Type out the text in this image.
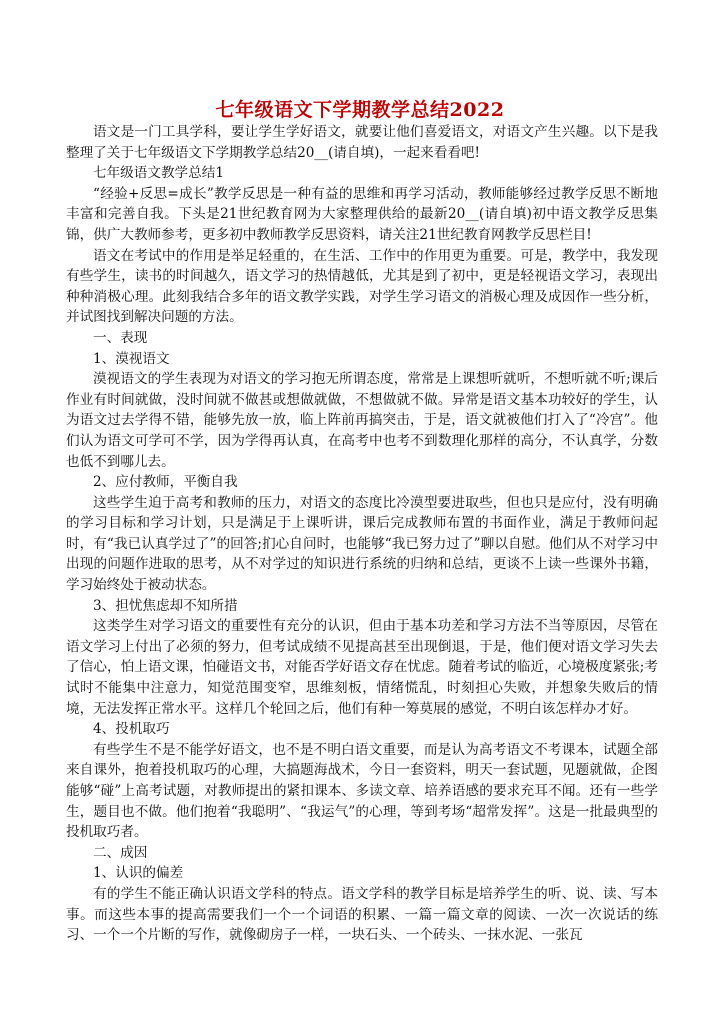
七年级语文下学期教学总结2022

语文是一门工具学科，要让学生学好语文，就要让他们喜爱语文，对语文产生兴趣。以下是我整理了关于七年级语文下学期教学总结20__(请自填)，一起来看看吧!

七年级语文教学总结1

“经验+反思=成长”教学反思是一种有益的思维和再学习活动，教师能够经过教学反思不断地丰富和完善自我。下头是21世纪教育网为大家整理供给的最新20__(请自填)初中语文教学反思集锦，供广大教师参考，更多初中教师教学反思资料，请关注21世纪教育网教学反思栏目!

语文在考试中的作用是举足轻重的，在生活、工作中的作用更为重要。可是，教学中，我发现有些学生，读书的时间越久，语文学习的热情越低，尤其是到了初中，更是轻视语文学习，表现出种种消极心理。此刻我结合多年的语文教学实践，对学生学习语文的消极心理及成因作一些分析，并试图找到解决问题的方法。

一、表现

1、漠视语文

漠视语文的学生表现为对语文的学习抱无所谓态度，常常是上课想听就听，不想听就不听;课后作业有时间就做，没时间就不做甚或想做就做，不想做就不做。异常是语文基本功较好的学生，认为语文过去学得不错，能够先放一放，临上阵前再搞突击，于是，语文就被他们打入了“冷宫”。他们认为语文可学可不学，因为学得再认真，在高考中也考不到数理化那样的高分，不认真学，分数也低不到哪儿去。

2、应付教师，平衡自我

这些学生迫于高考和教师的压力，对语文的态度比冷漠型要进取些，但也只是应付，没有明确的学习目标和学习计划，只是满足于上课听讲，课后完成教师布置的书面作业，满足于教师问起时，有“我已认真学过了”的回答;扪心自问时，也能够“我已努力过了”聊以自慰。他们从不对学习中出现的问题作进取的思考，从不对学过的知识进行系统的归纳和总结，更谈不上读一些课外书籍，学习始终处于被动状态。

3、担忧焦虑却不知所措

这类学生对学习语文的重要性有充分的认识，但由于基本功差和学习方法不当等原因，尽管在语文学习上付出了必须的努力，但考试成绩不见提高甚至出现倒退，于是，他们便对语文学习失去了信心，怕上语文课，怕碰语文书，对能否学好语文存在忧虑。随着考试的临近，心境极度紧张;考试时不能集中注意力，知觉范围变窄，思维刻板，情绪慌乱，时刻担心失败，并想象失败后的情境，无法发挥正常水平。这样几个轮回之后，他们有种一筹莫展的感觉，不明白该怎样办才好。

4、投机取巧

有些学生不是不能学好语文，也不是不明白语文重要，而是认为高考语文不考课本，试题全部来自课外，抱着投机取巧的心理，大搞题海战术，今日一套资料，明天一套试题，见题就做，企图能够“碰”上高考试题，对教师提出的紧扣课本、多读文章、培养语感的要求充耳不闻。还有一些学生，题目也不做。他们抱着“我聪明”、“我运气”的心理，等到考场“超常发挥”。这是一批最典型的投机取巧者。

二、成因

1、认识的偏差

有的学生不能正确认识语文学科的特点。语文学科的教学目标是培养学生的听、说、读、写本事。而这些本事的提高需要我们一个一个词语的积累、一篇一篇文章的阅读、一次一次说话的练习、一个一个片断的写作，就像砌房子一样，一块石头、一个砖头、一抹水泥、一张瓦
